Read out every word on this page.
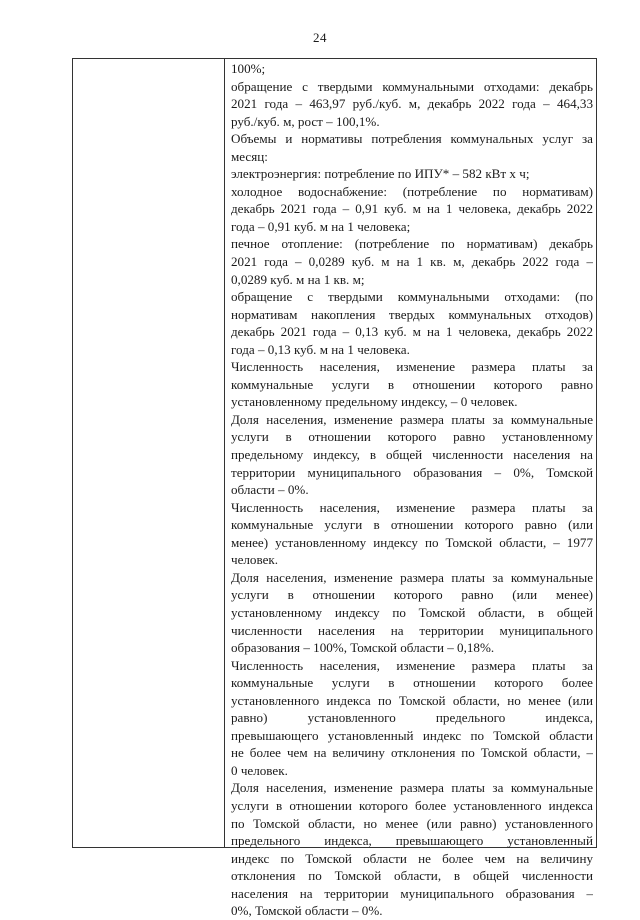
24
100%;
обращение с твердыми коммунальными отходами: декабрь
2021 года – 463,97 руб./куб. м, декабрь 2022 года – 464,33
руб./куб. м, рост – 100,1%.
Объемы и нормативы потребления коммунальных услуг за
месяц:
электроэнергия: потребление по ИПУ* – 582 кВт х ч;
холодное водоснабжение: (потребление по нормативам)
декабрь 2021 года – 0,91 куб. м на 1 человека, декабрь 2022
года – 0,91 куб. м на 1 человека;
печное отопление: (потребление по нормативам) декабрь
2021 года – 0,0289 куб. м на 1 кв. м, декабрь 2022 года –
0,0289 куб. м на 1 кв. м;
обращение с твердыми коммунальными отходами: (по
нормативам накопления твердых коммунальных отходов)
декабрь 2021 года – 0,13 куб. м на 1 человека, декабрь 2022
года – 0,13 куб. м на 1 человека.
Численность населения, изменение размера платы за
коммунальные услуги в отношении которого равно
установленному предельному индексу, – 0 человек.
Доля населения, изменение размера платы за коммунальные
услуги в отношении которого равно установленному
предельному индексу, в общей численности населения на
территории муниципального образования – 0%, Томской
области – 0%.
Численность населения, изменение размера платы за
коммунальные услуги в отношении которого равно (или
менее) установленному индексу по Томской области, – 1977
человек.
Доля населения, изменение размера платы за коммунальные
услуги в отношении которого равно (или менее)
установленному индексу по Томской области, в общей
численности населения на территории муниципального
образования – 100%, Томской области – 0,18%.
Численность населения, изменение размера платы за
коммунальные услуги в отношении которого более
установленного индекса по Томской области, но менее (или
равно) установленного предельного индекса,
превышающего установленный индекс по Томской области
не более чем на величину отклонения по Томской области, –
0 человек.
Доля населения, изменение размера платы за коммунальные
услуги в отношении которого более установленного индекса
по Томской области, но менее (или равно) установленного
предельного индекса, превышающего установленный
индекс по Томской области не более чем на величину
отклонения по Томской области, в общей численности
населения на территории муниципального образования –
0%, Томской области – 0%.
